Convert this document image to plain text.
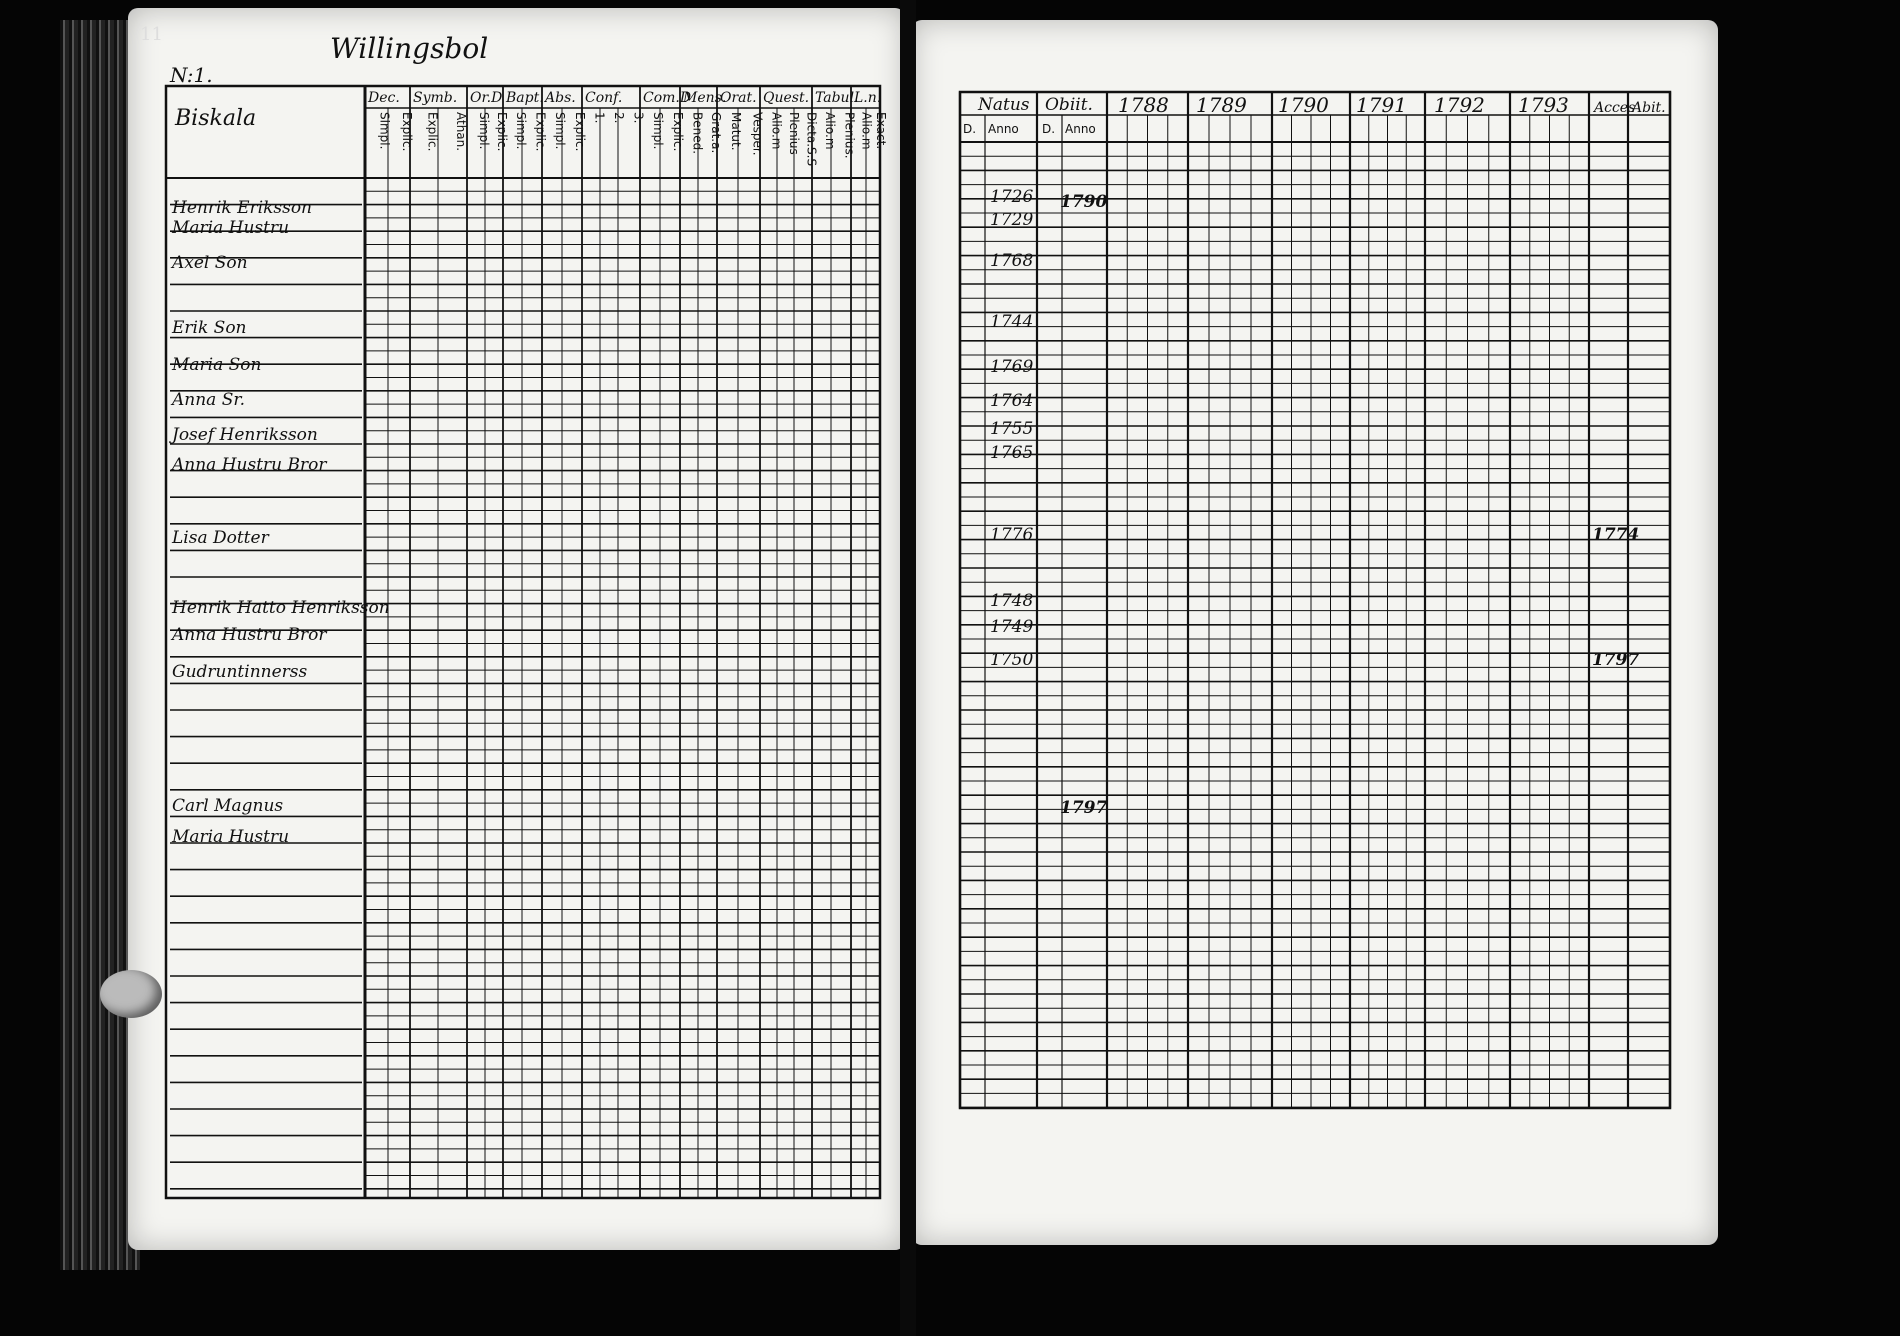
11
N:1.
Willingsbol
Biskala
Dec.
Simpl. Explic.
Symb.
Explic. Athan.
Or.D
Simpl. Explic.
Bapt.
Simpl. Explic.
Abs.
Simpl. Explic.
Conf.
1. 2. 3.
Com.D
Simpl. Explic.
Mens.
Bened. Grat.a.
Orat.
Matut. Vesper.
Quest.
Alio.m Plenius Dicta.S.S
Tabul.
Alio.m Plenius.
L.n.
Alio.m Exact.
Henrik Eriksson
Maria Hustru
Axel Son
Erik Son
Maria Son
Anna Sr.
Josef Henriksson
Anna Hustru Bror
Lisa Dotter
Henrik Hatto Henriksson
Anna Hustru Bror
Gudruntinnerss
Carl Magnus
Maria Hustru
Natus Obiit.
D. Anno D. Anno
1788 1789 1790 1791 1792 1793 Acces
Abit.
1726
1729
1768
1744
1769
1764
1755
1765
1776
1748
1749
1750
1790
1797
1774
1797
